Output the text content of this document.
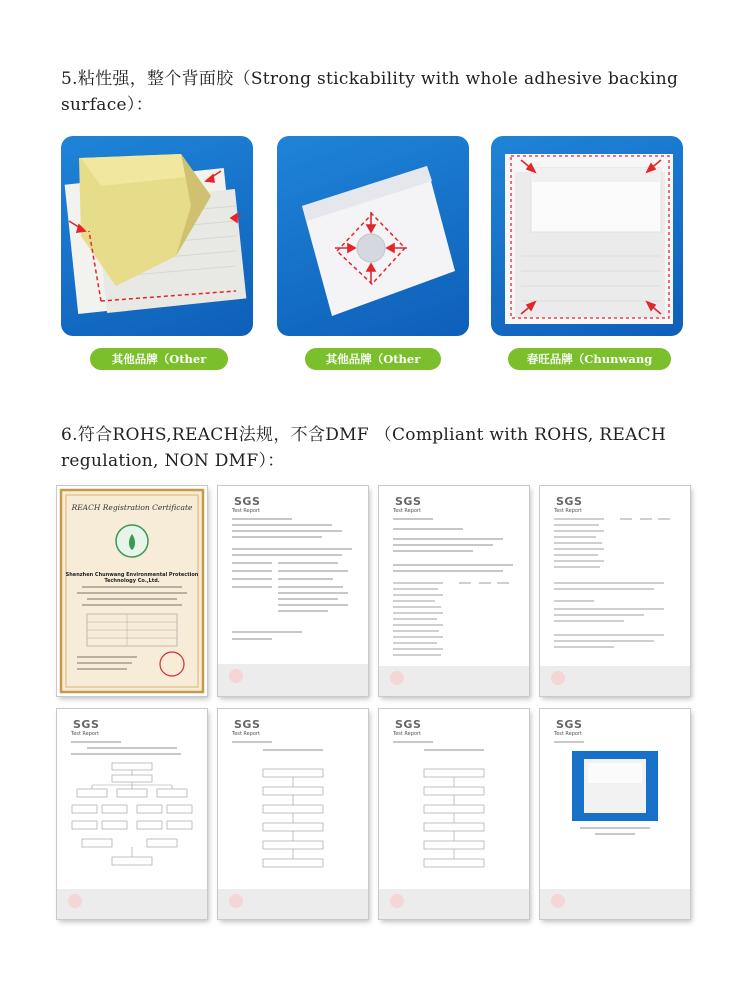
5.粘性强，整个背面胶（Strong stickability with whole adhesive backing surface）：
其他品牌（Other brand）
其他品牌（Other brand）
春旺品牌（Chunwang brand）
6.符合ROHS,REACH法规，不含DMF （Compliant with ROHS, REACH regulation, NON DMF）：
REACH Registration Certificate
Shenzhen Chunwang Environmental Protection Technology Co.,Ltd.
SGS
Test Report
SGS
Test Report
SGS
Test Report
SGS
Test Report
SGS
Test Report
SGS
Test Report
SGS
Test Report
